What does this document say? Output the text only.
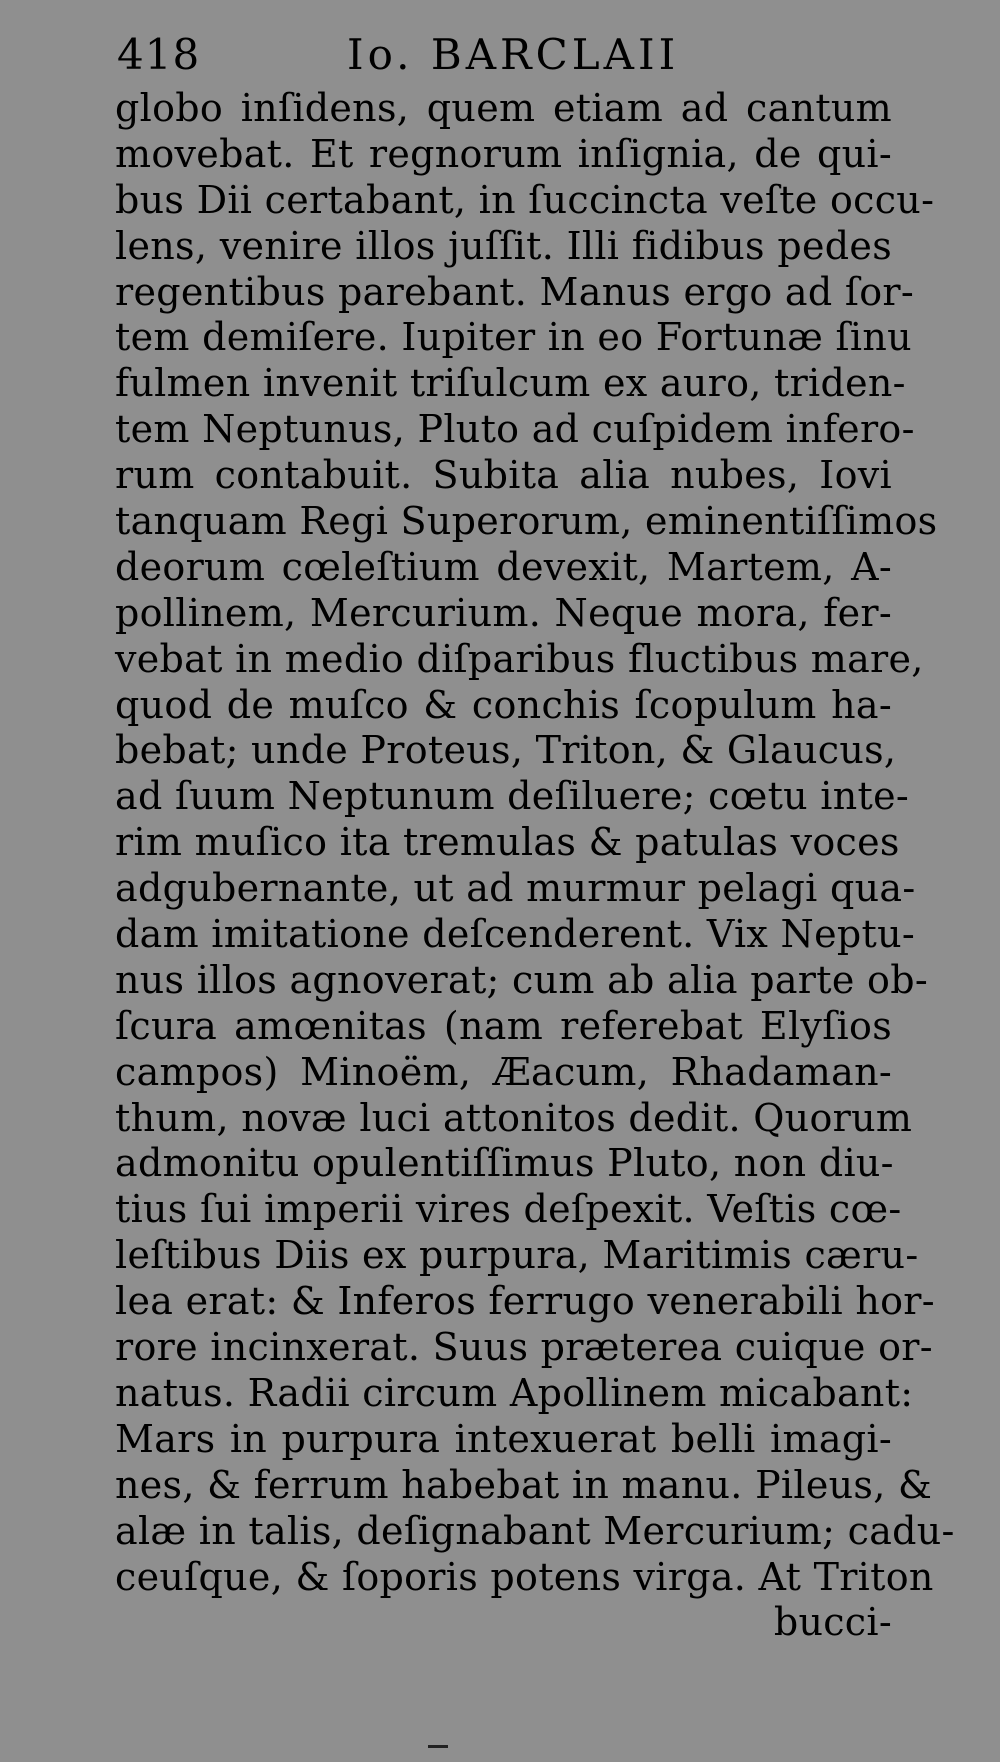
418	Io. BARCLAII
globo inſidens, quem etiam ad cantum
movebat. Et regnorum inſignia, de qui-
bus Dii certabant, in ſuccincta veſte occu-
lens, venire illos juſſit. Illi fidibus pedes
regentibus parebant. Manus ergo ad ſor-
tem demiſere. Iupiter in eo Fortunæ ſinu
fulmen invenit triſulcum ex auro, triden-
tem Neptunus, Pluto ad cuſpidem infero-
rum contabuit. Subita alia nubes, Iovi
tanquam Regi Superorum, eminentiſſimos
deorum cœleſtium devexit, Martem, A-
pollinem, Mercurium. Neque mora, fer-
vebat in medio diſparibus fluctibus mare,
quod de muſco & conchis ſcopulum ha-
bebat; unde Proteus, Triton, & Glaucus,
ad ſuum Neptunum deſiluere; cœtu inte-
rim muſico ita tremulas & patulas voces
adgubernante, ut ad murmur pelagi qua-
dam imitatione deſcenderent. Vix Neptu-
nus illos agnoverat; cum ab alia parte ob-
ſcura amœnitas (nam referebat Elyſios
campos) Minoëm, Æacum, Rhadaman-
thum, novæ luci attonitos dedit. Quorum
admonitu opulentiſſimus Pluto, non diu-
tius ſui imperii vires deſpexit. Veſtis cœ-
leſtibus Diis ex purpura, Maritimis cæru-
lea erat: & Inferos ferrugo venerabili hor-
rore incinxerat. Suus præterea cuique or-
natus. Radii circum Apollinem micabant:
Mars in purpura intexuerat belli imagi-
nes, & ferrum habebat in manu. Pileus, &
alæ in talis, deſignabant Mercurium; cadu-
ceuſque, & ſoporis potens virga. At Triton
bucci-
